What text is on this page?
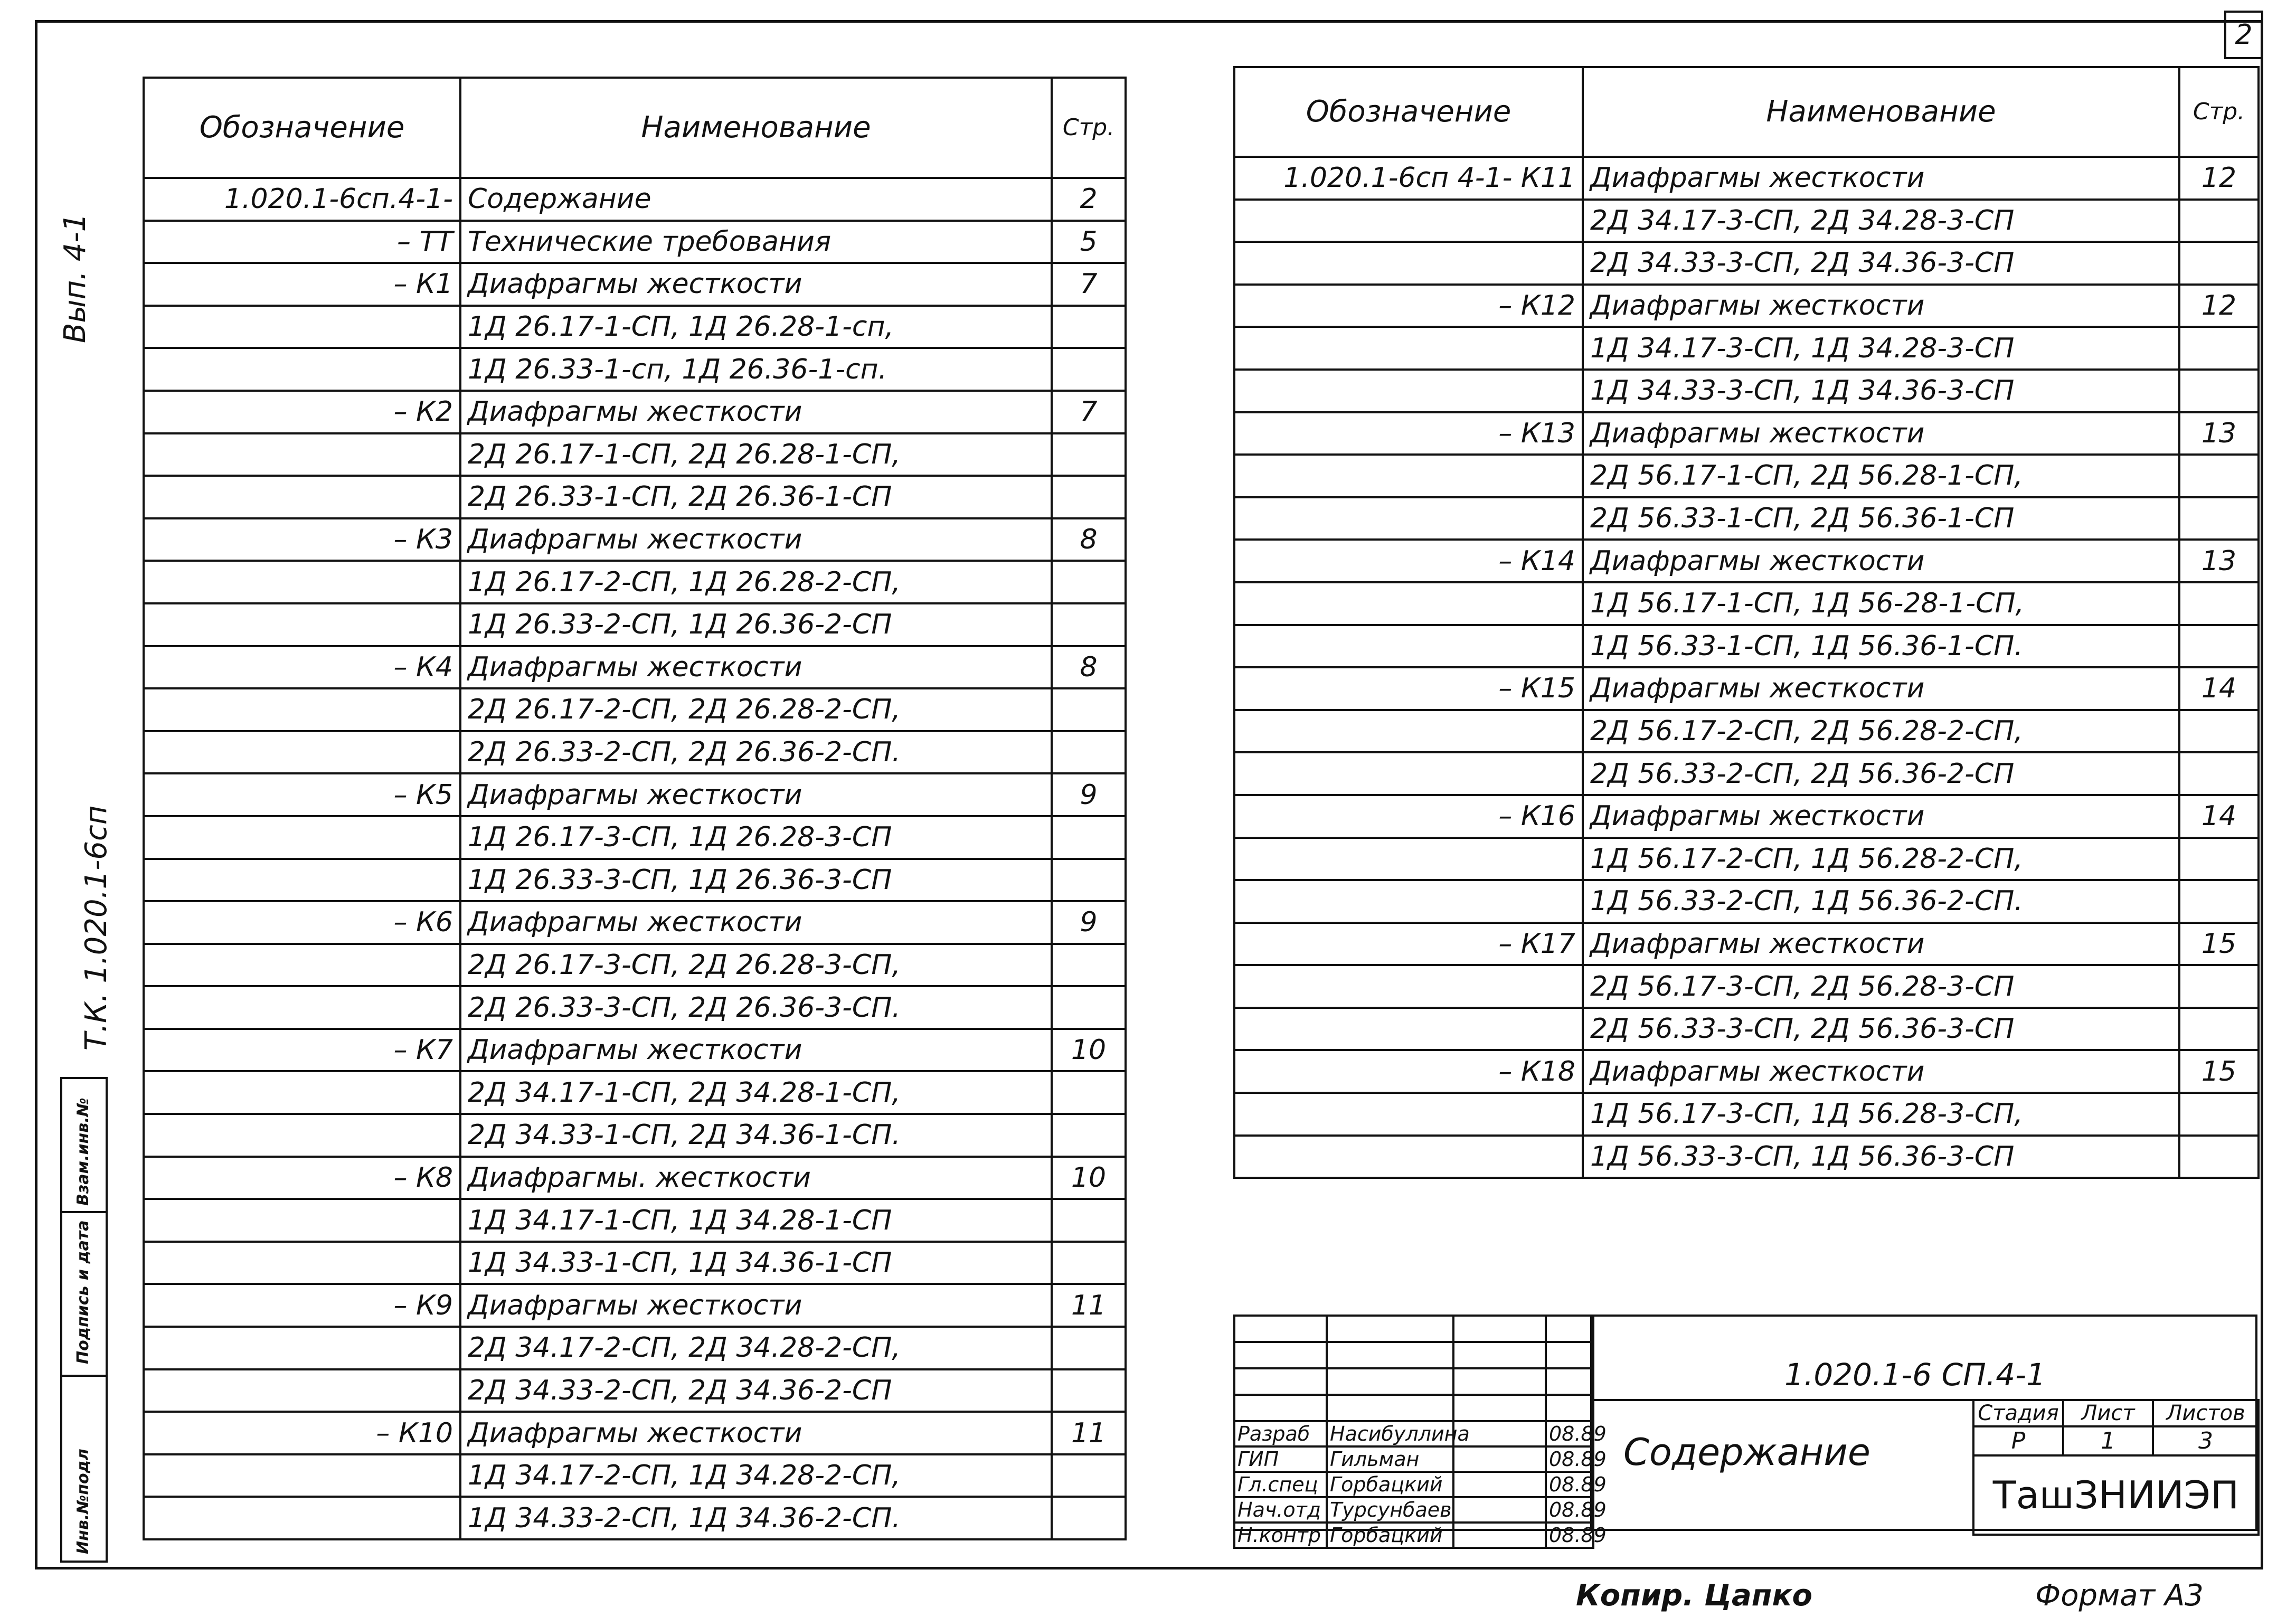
2
Вып. 4-1
Т.К. 1.020.1-6сп
Инв.№подл
Подпись и дата
Взам.инв.№
Обозначение	Наименование	Стр.
1.020.1-6сп.4-1-	Содержание	2
– ТТ	Технические требования	5
– К1	Диафрагмы жесткости	7
	1Д 26.17-1-СП, 1Д 26.28-1-сп,	
	1Д 26.33-1-сп, 1Д 26.36-1-сп.	
– К2	Диафрагмы жесткости	7
	2Д 26.17-1-СП, 2Д 26.28-1-СП,	
	2Д 26.33-1-СП, 2Д 26.36-1-СП	
– К3	Диафрагмы жесткости	8
	1Д 26.17-2-СП, 1Д 26.28-2-СП,	
	1Д 26.33-2-СП, 1Д 26.36-2-СП	
– К4	Диафрагмы жесткости	8
	2Д 26.17-2-СП, 2Д 26.28-2-СП,	
	2Д 26.33-2-СП, 2Д 26.36-2-СП.	
– К5	Диафрагмы жесткости	9
	1Д 26.17-3-СП, 1Д 26.28-3-СП	
	1Д 26.33-3-СП, 1Д 26.36-3-СП	
– К6	Диафрагмы жесткости	9
	2Д 26.17-3-СП, 2Д 26.28-3-СП,	
	2Д 26.33-3-СП, 2Д 26.36-3-СП.	
– К7	Диафрагмы жесткости	10
	2Д 34.17-1-СП, 2Д 34.28-1-СП,	
	2Д 34.33-1-СП, 2Д 34.36-1-СП.	
– К8	Диафрагмы. жесткости	10
	1Д 34.17-1-СП, 1Д 34.28-1-СП	
	1Д 34.33-1-СП, 1Д 34.36-1-СП	
– К9	Диафрагмы жесткости	11
	2Д 34.17-2-СП, 2Д 34.28-2-СП,	
	2Д 34.33-2-СП, 2Д 34.36-2-СП	
– К10	Диафрагмы жесткости	11
	1Д 34.17-2-СП, 1Д 34.28-2-СП,	
	1Д 34.33-2-СП, 1Д 34.36-2-СП.	
Обозначение	Наименование	Стр.
1.020.1-6сп 4-1- К11	Диафрагмы жесткости	12
	2Д 34.17-3-СП, 2Д 34.28-3-СП	
	2Д 34.33-3-СП, 2Д 34.36-3-СП	
– К12	Диафрагмы жесткости	12
	1Д 34.17-3-СП, 1Д 34.28-3-СП	
	1Д 34.33-3-СП, 1Д 34.36-3-СП	
– К13	Диафрагмы жесткости	13
	2Д 56.17-1-СП, 2Д 56.28-1-СП,	
	2Д 56.33-1-СП, 2Д 56.36-1-СП	
– К14	Диафрагмы жесткости	13
	1Д 56.17-1-СП, 1Д 56-28-1-СП,	
	1Д 56.33-1-СП, 1Д 56.36-1-СП.	
– К15	Диафрагмы жесткости	14
	2Д 56.17-2-СП, 2Д 56.28-2-СП,	
	2Д 56.33-2-СП, 2Д 56.36-2-СП	
– К16	Диафрагмы жесткости	14
	1Д 56.17-2-СП, 1Д 56.28-2-СП,	
	1Д 56.33-2-СП, 1Д 56.36-2-СП.	
– К17	Диафрагмы жесткости	15
	2Д 56.17-3-СП, 2Д 56.28-3-СП	
	2Д 56.33-3-СП, 2Д 56.36-3-СП	
– К18	Диафрагмы жесткости	15
	1Д 56.17-3-СП, 1Д 56.28-3-СП,	
	1Д 56.33-3-СП, 1Д 56.36-3-СП	

Разраб	Насибуллина		08.89
ГИП	Гильман		08.89
Гл.спец	Горбацкий		08.89
Нач.отд	Турсунбаев		08.89
Н.контр	Горбацкий		08.89
1.020.1-6 СП.4-1
Содержание
Стадия	Лист	Листов
Р	1	3
ТашЗНИИЭП		
Копир. Цапко	Формат А3
